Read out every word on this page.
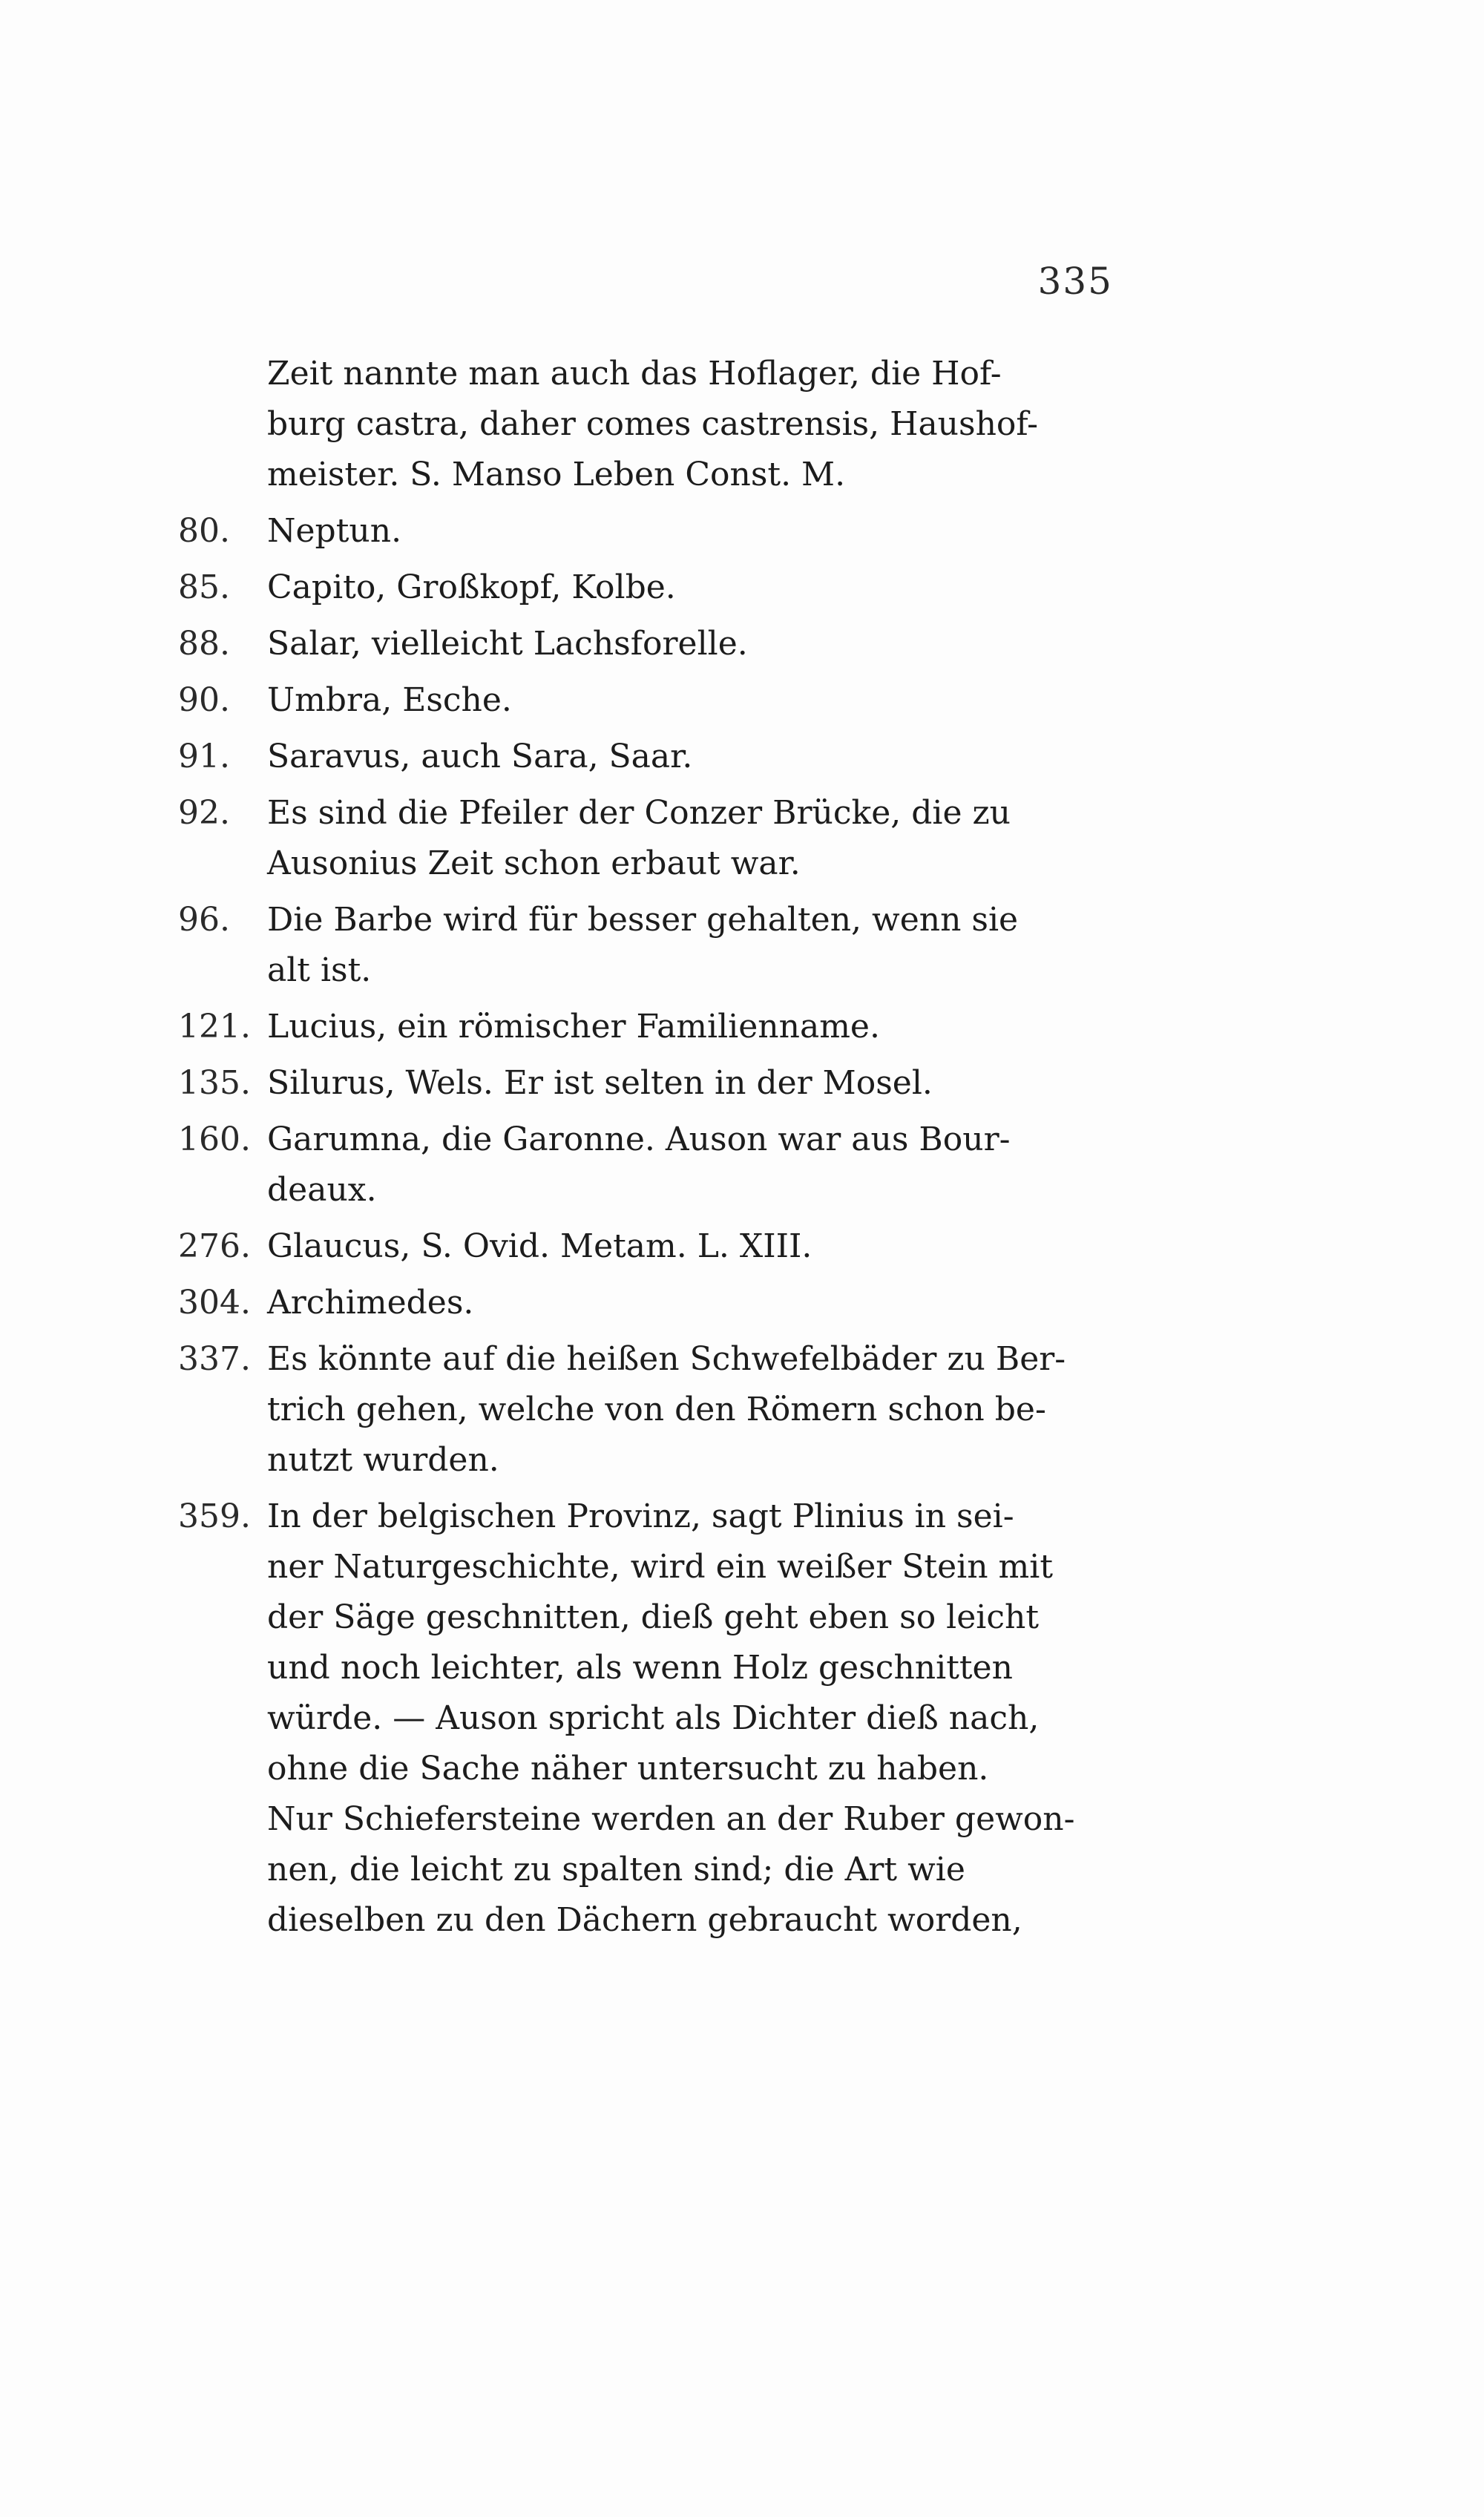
335
Zeit nannte man auch das Hoflager, die Hof-
burg castra, daher comes castrensis, Haushof-
meister. S. Manso Leben Const. M.
80.	Neptun.
85.	Capito, Großkopf, Kolbe.
88.	Salar, vielleicht Lachsforelle.
90.	Umbra, Esche.
91.	Saravus, auch Sara, Saar.
92.	Es sind die Pfeiler der Conzer Brücke, die zu
Ausonius Zeit schon erbaut war.
96.	Die Barbe wird für besser gehalten, wenn sie
alt ist.
121. Lucius, ein römischer Familienname.
135. Silurus, Wels. Er ist selten in der Mosel.
160. Garumna, die Garonne. Auson war aus Bour-
deaux.
276. Glaucus, S. Ovid. Metam. L. XIII.
304. Archimedes.
337. Es könnte auf die heißen Schwefelbäder zu Ber-
trich gehen, welche von den Römern schon be-
nutzt wurden.
359. In der belgischen Provinz, sagt Plinius in sei-
ner Naturgeschichte, wird ein weißer Stein mit
der Säge geschnitten, dieß geht eben so leicht
und noch leichter, als wenn Holz geschnitten
würde. — Auson spricht als Dichter dieß nach,
ohne die Sache näher untersucht zu haben.
Nur Schiefersteine werden an der Ruber gewon-
nen, die leicht zu spalten sind; die Art wie
dieselben zu den Dächern gebraucht worden,
